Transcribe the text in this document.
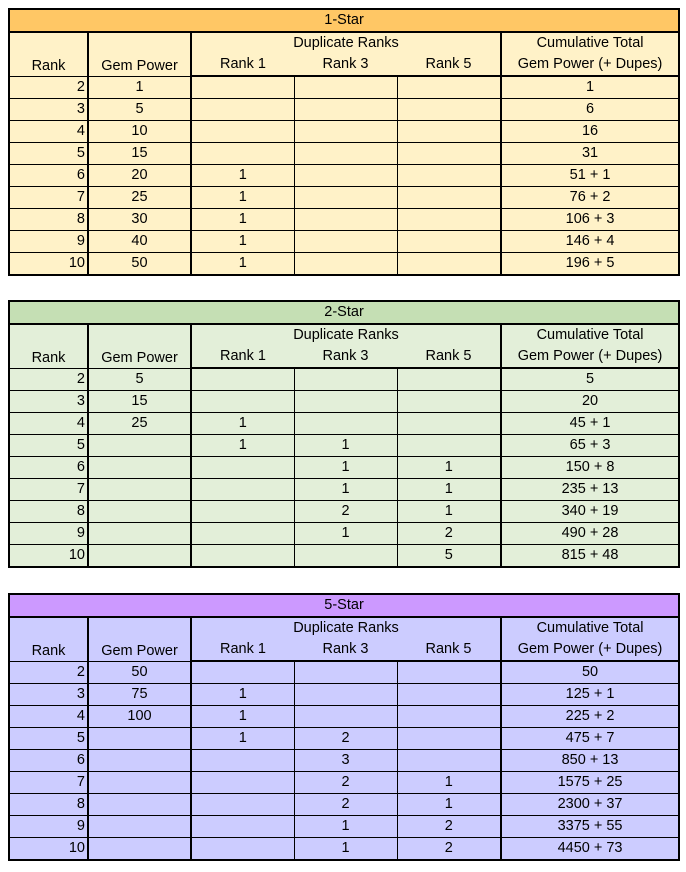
1-Star					
Rank	Gem Power	Duplicate Ranks			Cumulative Total
		Rank 1	Rank 3	Rank 5	Gem Power (+ Dupes)
2	1				1
3	5				6
4	10				16
5	15				31
6	20	1			51 + 1
7	25	1			76 + 2
8	30	1			106 + 3
9	40	1			146 + 4
10	50	1			196 + 5
2-Star					
Rank	Gem Power	Duplicate Ranks			Cumulative Total
		Rank 1	Rank 3	Rank 5	Gem Power (+ Dupes)
2	5				5
3	15				20
4	25	1			45 + 1
5		1	1		65 + 3
6			1	1	150 + 8
7			1	1	235 + 13
8			2	1	340 + 19
9			1	2	490 + 28
10				5	815 + 48
5-Star					
Rank	Gem Power	Duplicate Ranks			Cumulative Total
		Rank 1	Rank 3	Rank 5	Gem Power (+ Dupes)
2	50				50
3	75	1			125 + 1
4	100	1			225 + 2
5		1	2		475 + 7
6			3		850 + 13
7			2	1	1575 + 25
8			2	1	2300 + 37
9			1	2	3375 + 55
10			1	2	4450 + 73
